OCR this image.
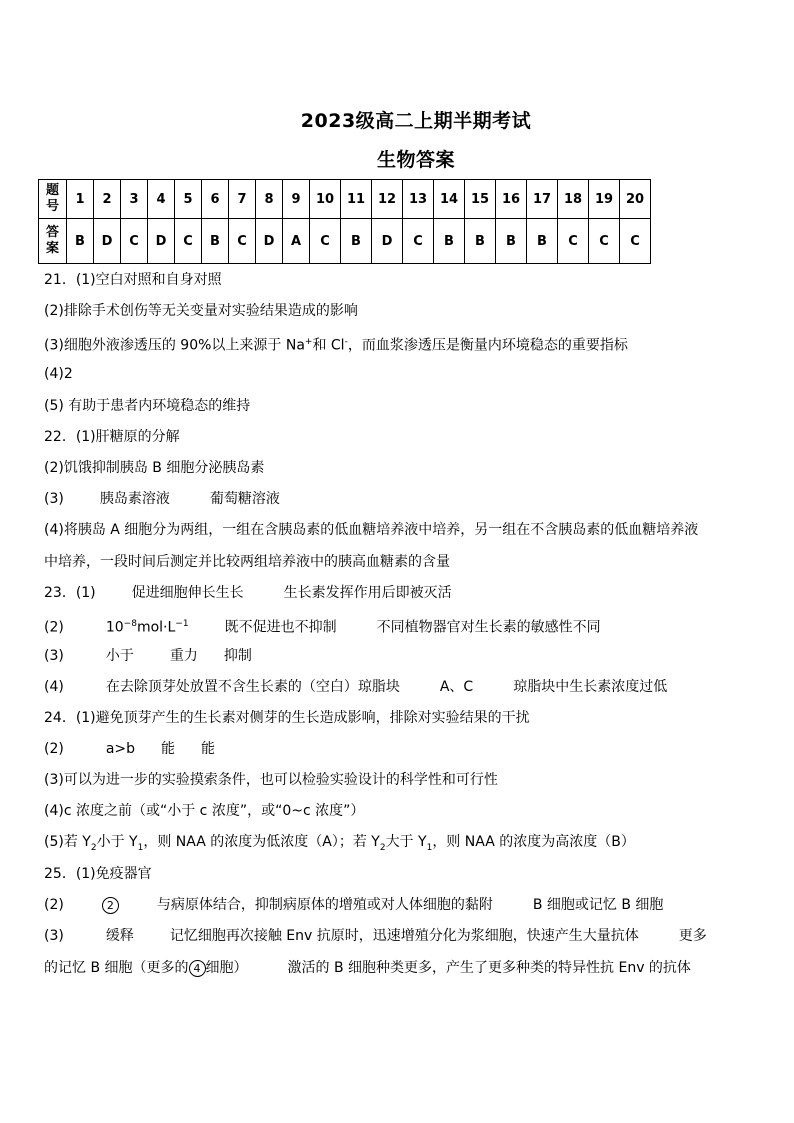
2023级高二上期半期考试
生物答案
题
号	1	2	3	4	5	6	7	8	9	10	11	12	13	14	15	16	17	18	19	20
答
案	B	D	C	D	C	B	C	D	A	C	B	D	C	B	B	B	B	C	C	C
21．(1)空白对照和自身对照
(2)排除手术创伤等无关变量对实验结果造成的影响
(3)细胞外液渗透压的 90%以上来源于 Na+和 Cl-，而血浆渗透压是衡量内环境稳态的重要指标
(4)2
(5) 有助于患者内环境稳态的维持
22．(1)肝糖原的分解
(2)饥饿抑制胰岛 B 细胞分泌胰岛素
(3)	胰岛素溶液	葡萄糖溶液
(4)将胰岛 A 细胞分为两组，一组在含胰岛素的低血糖培养液中培养，另一组在不含胰岛素的低血糖培养液
中培养，一段时间后测定并比较两组培养液中的胰高血糖素的含量
23．(1)	促进细胞伸长生长	生长素发挥作用后即被灭活
(2)	$10^{-8}mol\cdot L^{-1}$	既不促进也不抑制	不同植物器官对生长素的敏感性不同
(3)	小于	重力 抑制
(4)	在去除顶芽处放置不含生长素的（空白）琼脂块	A、C	琼脂块中生长素浓度过低
24．(1)避免顶芽产生的生长素对侧芽的生长造成影响，排除对实验结果的干扰
(2)	a>b 能 能
(3)可以为进一步的实验摸索条件，也可以检验实验设计的科学性和可行性
(4)c 浓度之前（或“小于 c 浓度”，或“0~c 浓度”）
(5)若 $Y_2$小于 $Y_1$，则 NAA 的浓度为低浓度（A）；若 $Y_2$大于 $Y_1$，则 NAA 的浓度为高浓度（B）
25．(1)免疫器官
(2)	2	与病原体结合，抑制病原体的增殖或对人体细胞的黏附	B 细胞或记忆 B 细胞
(3)	缓释	记忆细胞再次接触 Env 抗原时，迅速增殖分化为浆细胞，快速产生大量抗体	更多
的记忆 B 细胞（更多的 4 细胞）	激活的 B 细胞种类更多，产生了更多种类的特异性抗 Env 的抗体
